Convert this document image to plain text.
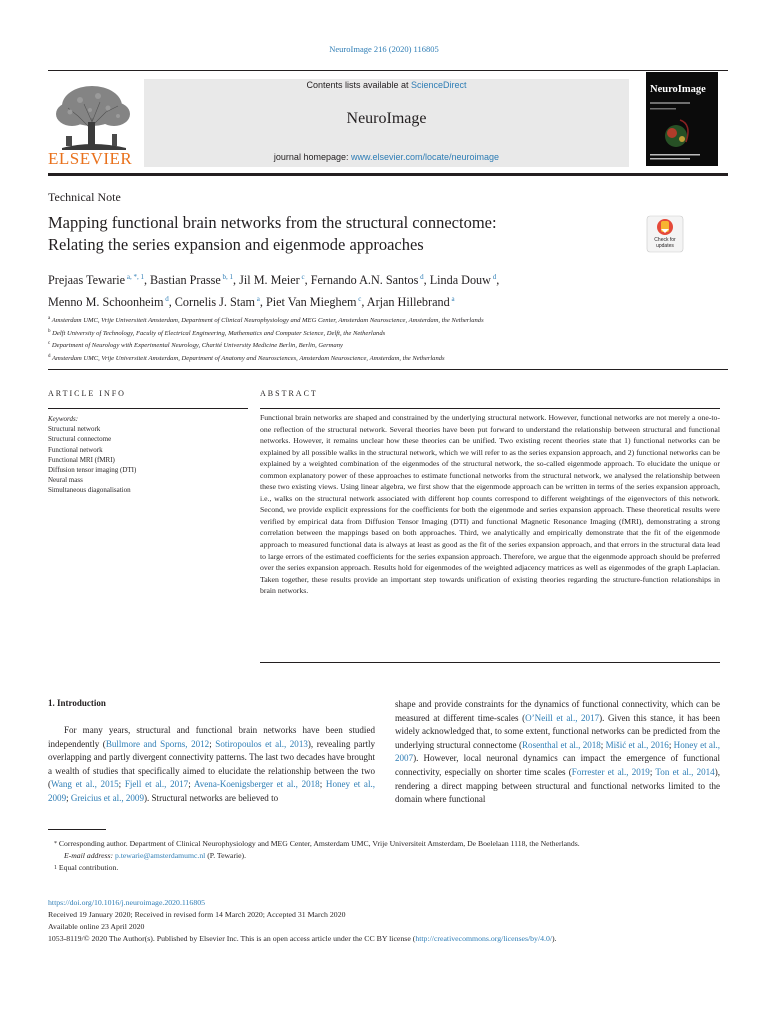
NeuroImage 216 (2020) 116805
ELSEVIER
Contents lists available at ScienceDirect
NeuroImage
journal homepage: www.elsevier.com/locate/neuroimage
NeuroImage
Technical Note
Mapping functional brain networks from the structural connectome:
Relating the series expansion and eigenmode approaches	Check for updates
Prejaas Tewarie $^{a, *, 1}$, Bastian Prasse $^{b, 1}$, Jil M. Meier $^c$, Fernando A.N. Santos $^d$, Linda Douw $^d$,
Menno M. Schoonheim $^d$, Cornelis J. Stam $^a$, Piet Van Mieghem $^c$, Arjan Hillebrand $^a$
$^a$ Amsterdam UMC, Vrije Universiteit Amsterdam, Department of Clinical Neurophysiology and MEG Center, Amsterdam Neuroscience, Amsterdam, the Netherlands
$^b$ Delft University of Technology, Faculty of Electrical Engineering, Mathematics and Computer Science, Delft, the Netherlands
$^c$ Department of Neurology with Experimental Neurology, Charité University Medicine Berlin, Berlin, Germany
$^d$ Amsterdam UMC, Vrije Universiteit Amsterdam, Department of Anatomy and Neurosciences, Amsterdam Neuroscience, Amsterdam, the Netherlands
ARTICLE INFO	ABSTRACT
Keywords:
Structural network
Structural connectome
Functional network
Functional MRI (fMRI)
Diffusion tensor imaging (DTI)
Neural mass
Simultaneous diagonalisation
Functional brain networks are shaped and constrained by the underlying structural network. However, functional networks are not merely a one-to-one reflection of the structural network. Several theories have been put forward to understand the relationship between structural and functional networks. However, it remains unclear how these theories can be unified. Two existing recent theories state that 1) functional networks can be explained by all possible walks in the structural network, which we will refer to as the series expansion approach, and 2) functional networks can be explained by a weighted combination of the eigenmodes of the structural network, the so-called eigenmode approach. To elucidate the unique or common explanatory power of these approaches to estimate functional networks from the structural network, we analysed the relationship between these two existing views. Using linear algebra, we first show that the eigenmode approach can be written in terms of the series expansion approach, i.e., walks on the structural network associated with different hop counts correspond to different weightings of the eigenvectors of this network. Second, we provide explicit expressions for the coefficients for both the eigenmode and series expansion approach. These theoretical results were verified by empirical data from Diffusion Tensor Imaging (DTI) and functional Magnetic Resonance Imaging (fMRI), demonstrating a strong correlation between the mappings based on both approaches. Third, we analytically and empirically demonstrate that the fit of the eigenmode approach to measured functional data is always at least as good as the fit of the series expansion approach, and that errors in the structural data lead to large errors of the estimated coefficients for the series expansion approach. Therefore, we argue that the eigenmode approach should be preferred over the series expansion approach. Results hold for eigenmodes of the weighted adjacency matrices as well as eigenmodes of the graph Laplacian. Taken together, these results provide an important step towards unification of existing theories regarding the structure-function relationships in brain networks.
1. Introduction
For many years, structural and functional brain networks have been studied independently (Bullmore and Sporns, 2012; Sotiropoulos et al., 2013), revealing partly overlapping and partly divergent connectivity patterns. The last two decades have brought a wealth of studies that specifically aimed to elucidate the relationship between the two (Wang et al., 2015; Fjell et al., 2017; Avena-Koenigsberger et al., 2018; Honey et al., 2009; Greicius et al., 2009). Structural networks are believed to
shape and provide constraints for the dynamics of functional connectivity, which can be measured at different time-scales (O’Neill et al., 2017). Given this stance, it has been widely acknowledged that, to some extent, functional networks can be predicted from the underlying structural connectome (Rosenthal et al., 2018; Mišić et al., 2016; Honey et al., 2007). However, local neuronal dynamics can impact the emergence of functional connectivity, especially on shorter time scales (Forrester et al., 2019; Ton et al., 2014), rendering a direct mapping between structural and functional networks limited to the domain where functional
* Corresponding author. Department of Clinical Neurophysiology and MEG Center, Amsterdam UMC, Vrije Universiteit Amsterdam, De Boelelaan 1118, the Netherlands.
E-mail address: p.tewarie@amsterdamumc.nl (P. Tewarie).
$^1$ Equal contribution.
https://doi.org/10.1016/j.neuroimage.2020.116805
Received 19 January 2020; Received in revised form 14 March 2020; Accepted 31 March 2020
Available online 23 April 2020
1053-8119/© 2020 The Author(s). Published by Elsevier Inc. This is an open access article under the CC BY license (http://creativecommons.org/licenses/by/4.0/).
